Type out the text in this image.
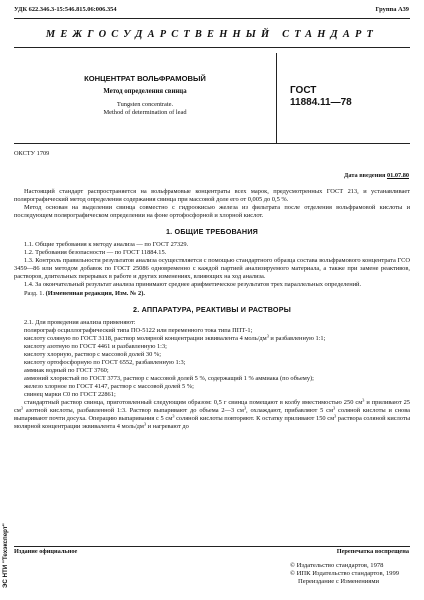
УДК 622.346.3-15:546.815.06:006.354	Группа А39
МЕЖГОСУДАРСТВЕННЫЙ СТАНДАРТ
КОНЦЕНТРАТ ВОЛЬФРАМОВЫЙ
Метод определения свинца
Tungsten concentrate.
Method of determination of lead
ГОСТ
11884.11—78
ОКСТУ 1709
Дата введения 01.07.80

Настоящий стандарт распространяется на вольфрамовые концентраты всех марок, предусмотренных ГОСТ 213, и устанавливает полярографический метод определения содержания свинца при массовой доле его от 0,005 до 0,5 %.

Метод основан на выделении свинца совместно с гидроокисью железа из фильтрата после отделения вольфрамовой кислоты и последующем полярографическом определении на фоне ортофосфорной и хлорной кислот.

1. ОБЩИЕ ТРЕБОВАНИЯ

1.1. Общие требования к методу анализа — по ГОСТ 27329.

1.2. Требования безопасности — по ГОСТ 11884.15.

1.3. Контроль правильности результатов анализа осуществляется с помощью стандартного образца состава вольфрамового концентрата ГСО 3459—86 или методом добавок по ГОСТ 25086 одновременно с каждой партией анализируемого материала, а также при замене реактивов, растворов, длительных перерывах в работе и других изменениях, влияющих на ход анализа.

1.4. За окончательный результат анализа принимают среднее арифметическое результатов трех параллельных определений.

Разд. 1. (Измененная редакция, Изм. № 2).

2. АППАРАТУРА, РЕАКТИВЫ И РАСТВОРЫ

2.1. Для проведения анализа применяют:

полярограф осциллографический типа ПО-5122 или переменного тока типа ППТ-1;

кислоту соляную по ГОСТ 3118, раствор молярной концентрации эквивалента 4 моль/$дм^3$ и разбавленную 1:1;

кислоту азотную по ГОСТ 4461 и разбавленную 1:3;

кислоту хлорную, раствор с массовой долей 30 %;

кислоту ортофосфорную по ГОСТ 6552, разбавленную 1:3;

аммиак водный по ГОСТ 3760;

аммоний хлористый по ГОСТ 3773, раствор с массовой долей 5 %, содержащий 1 % аммиака (по объему);

железо хлорное по ГОСТ 4147, раствор с массовой долей 5 %;

свинец марки С0 по ГОСТ 22861;

стандартный раствор свинца, приготовленный следующим образом: 0,5 г свинца помещают в колбу вместимостью 250 $см^3$ и приливают 25 $см^3$ азотной кислоты, разбавленной 1:3. Раствор выпаривают до объема 2—3 $см^3$, охлаждают, прибавляют 5 $см^3$ соляной кислоты и снова выпаривают почти досуха. Операцию выпаривания с 5 $см^3$ соляной кислоты повторяют. К остатку приливают 150 $см^3$ раствора соляной кислоты молярной концентрации эквивалента 4 моль/$дм^3$ и нагревают до

Издание официальное	Перепечатка воспрещена
© Издательство стандартов, 1978
© ИПК Издательство стандартов, 1999
Переиздание с Изменениями
ЭС НТИ "Техэксперт"
